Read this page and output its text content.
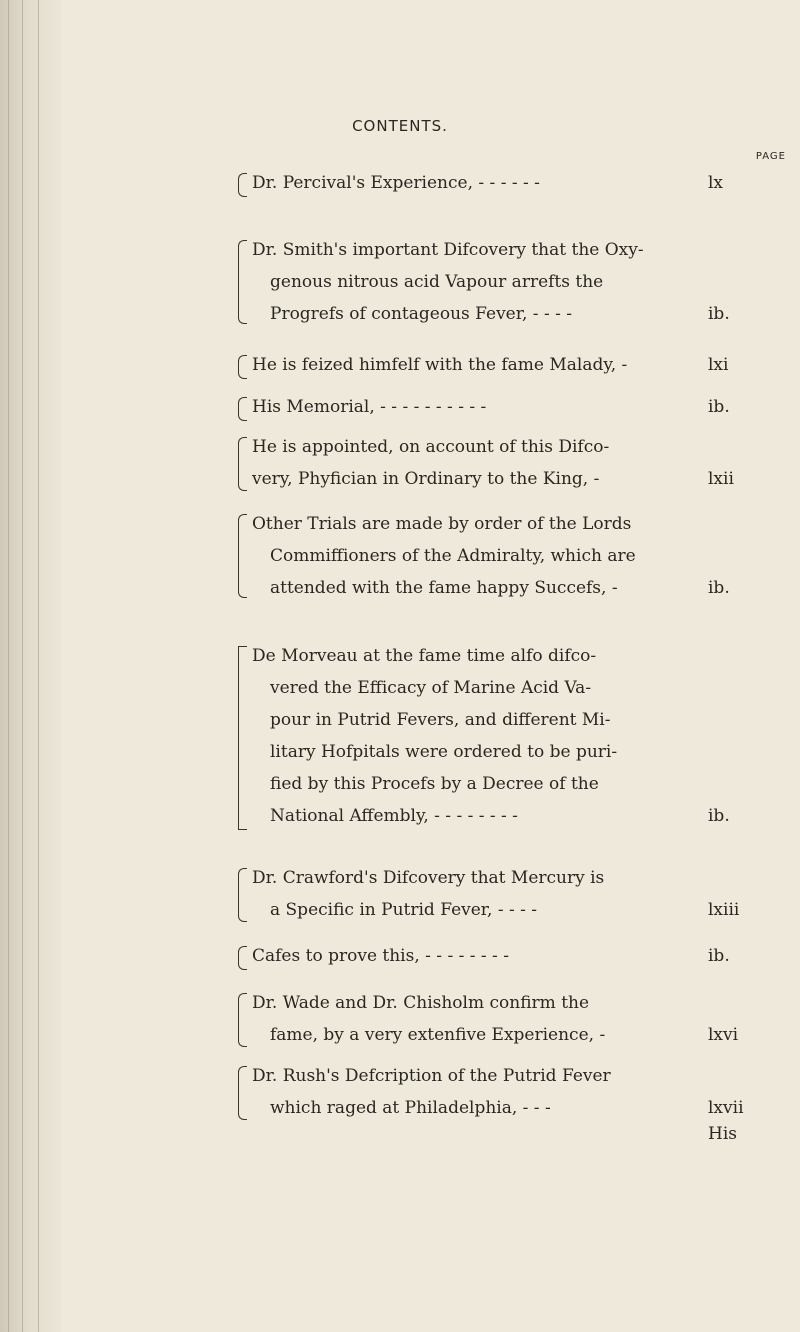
CONTENTS.
PAGE
Dr. Percival's Experience, - - - - - -	lx
Dr. Smith's important Difcovery that the Oxy-
genous nitrous acid Vapour arrefts the
Progrefs of contageous Fever, - - - -	ib.
He is feized himfelf with the fame Malady, -	lxi
His Memorial, - - - - - - - - - -	ib.
He is appointed, on account of this Difco-
very, Phyfician in Ordinary to the King, -	lxii
Other Trials are made by order of the Lords
Commiffioners of the Admiralty, which are
attended with the fame happy Succefs, -	ib.
De Morveau at the fame time alfo difco-
vered the Efficacy of Marine Acid Va-
pour in Putrid Fevers, and different Mi-
litary Hofpitals were ordered to be puri-
fied by this Procefs by a Decree of the
National Affembly, - - - - - - - -	ib.
Dr. Crawford's Difcovery that Mercury is
a Specific in Putrid Fever, - - - -	lxiii
Cafes to prove this, - - - - - - - -	ib.
Dr. Wade and Dr. Chisholm confirm the
fame, by a very extenfive Experience, -	lxvi
Dr. Rush's Defcription of the Putrid Fever
which raged at Philadelphia, - - -	lxvii
His
